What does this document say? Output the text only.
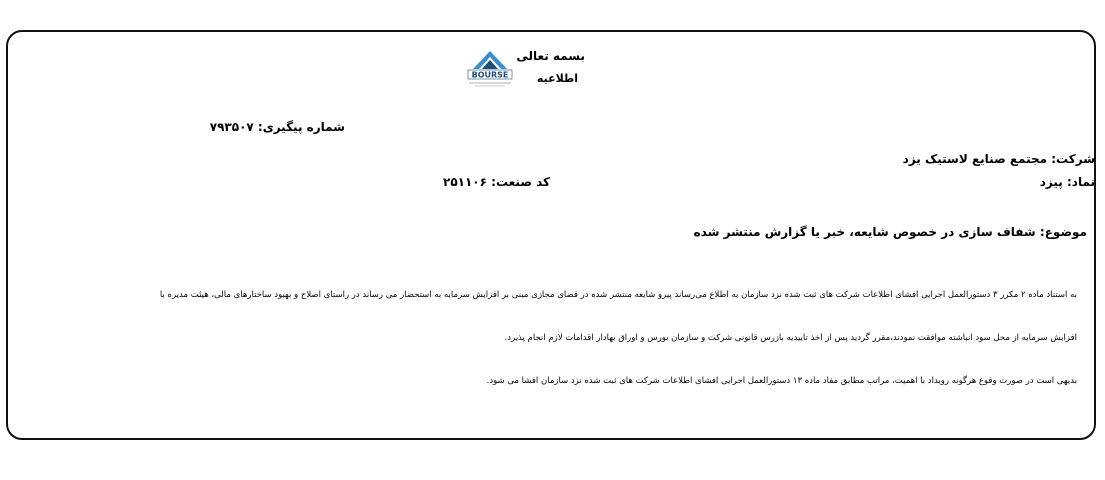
BOURSE
بسمه تعالی
اطلاعیه
شماره پیگیری: ۷۹۳۵۰۷
شرکت: مجتمع صنایع لاستیک یزد
نماد: پیزد
کد صنعت: ۲۵۱۱۰۶
موضوع: شفاف سازی در خصوص شایعه، خبر یا گزارش منتشر شده
به استناد ماده ۲ مکرر ۳ دستورالعمل اجرایی افشای اطلاعات شرکت های ثبت شده نزد سازمان به اطلاع می‌رساند پیرو شایعه منتشر شده در فضای مجازی مبنی بر افزایش سرمایه به استحضار می رساند در راستای اصلاح و بهبود ساختارهای مالی، هیئت مدیره با
افزایش سرمایه از محل سود انباشته موافقت نمودند،مقرر گردید پس از اخذ تاییدیه بازرس قانونی شرکت و سازمان بورس و اوراق بهادار اقدامات لازم انجام پذیرد.
بدیهی است در صورت وقوع هرگونه رویداد با اهمیت، مراتب مطابق مفاد ماده ۱۳ دستورالعمل اجرایی افشای اطلاعات شرکت های ثبت شده نزد سازمان افشا می شود.
